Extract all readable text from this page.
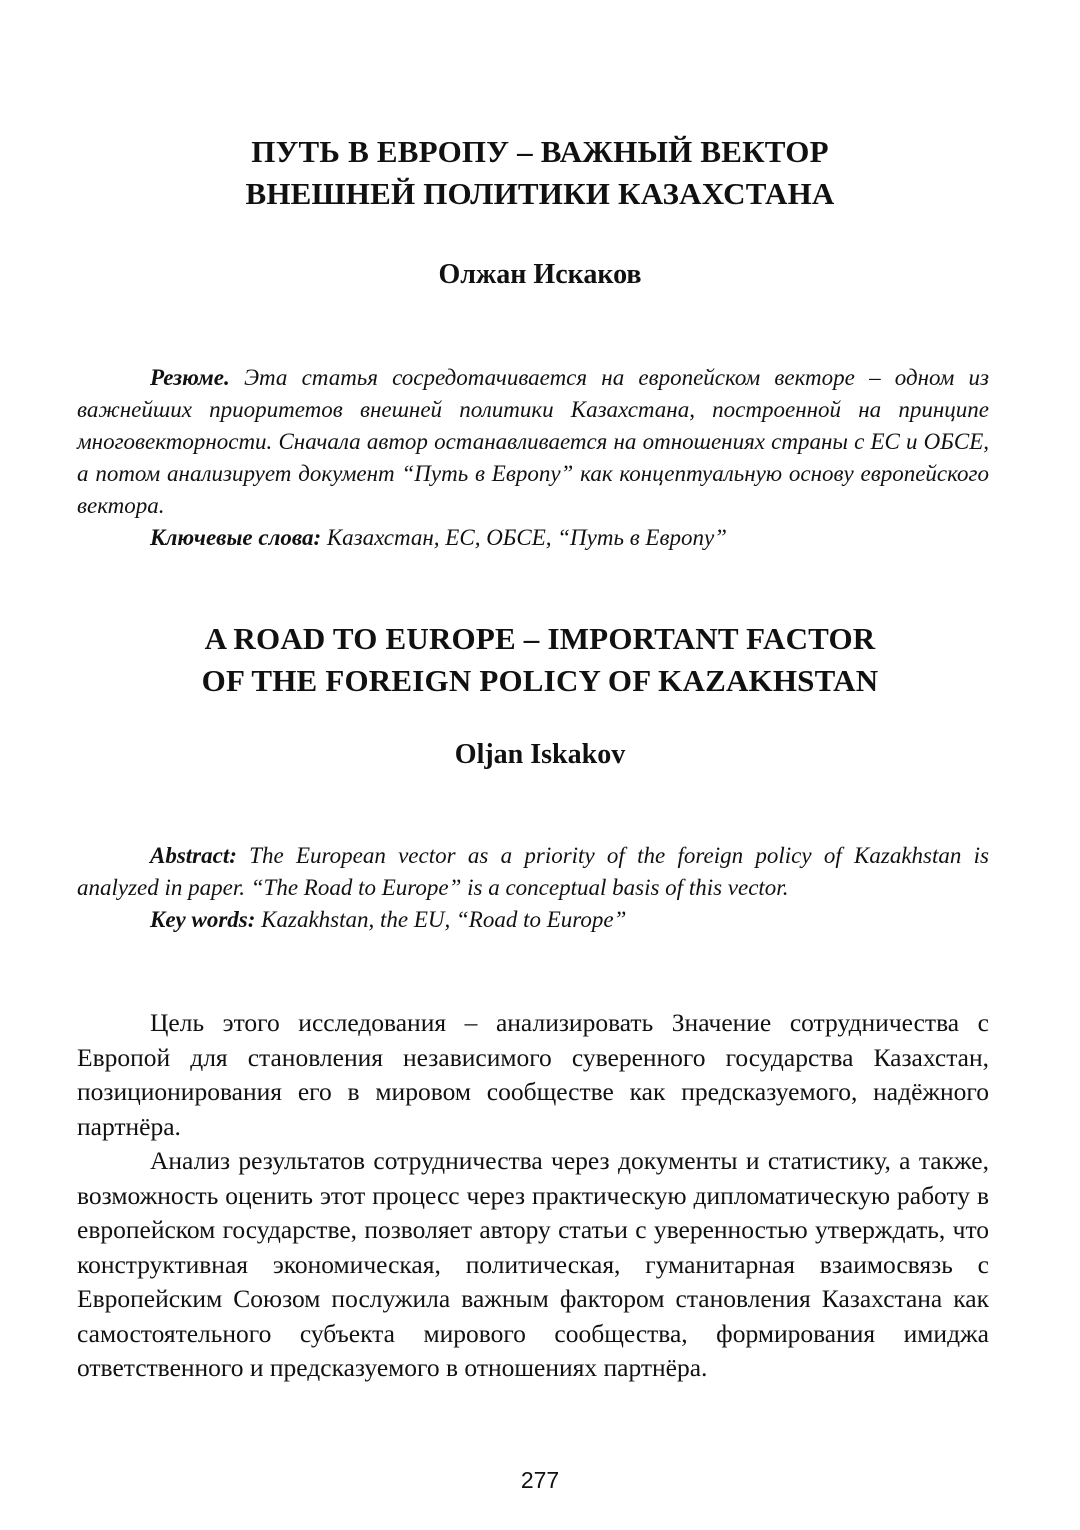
ПУТЬ В ЕВРОПУ – ВАЖНЫЙ ВЕКТОР
ВНЕШНЕЙ ПОЛИТИКИ КАЗАХСТАНА
Олжан Искаков

Резюме. Эта статья сосредотачивается на европейском векторе – одном из важнейших приоритетов внешней политики Казахстана, построенной на принципе многовекторности. Сначала автор останавливается на отношениях страны с ЕС и ОБСЕ, а потом анализирует документ “Путь в Европу” как концептуальную основу европейского вектора.

Ключевые слова: Казахстан, ЕС, ОБСЕ, “Путь в Европу”

A ROAD TO EUROPE – IMPORTANT FACTOR
OF THE FOREIGN POLICY OF KAZAKHSTAN
Oljan Iskakov

Abstract: The European vector as a priority of the foreign policy of Kazakhstan is analyzed in paper. “The Road to Europe” is a conceptual basis of this vector.

Key words: Kazakhstan, the EU, “Road to Europe”

Цель этого исследования – анализировать Значение сотрудничества с Европой для становления независимого суверенного государства Казахстан, позиционирования его в мировом сообществе как предсказуемого, надёжного партнёра.

Анализ результатов сотрудничества через документы и статистику, а также, возможность оценить этот процесс через практическую дипломатическую работу в европейском государстве, позволяет автору статьи с уверенностью утверждать, что конструктивная экономическая, политическая, гуманитарная взаимосвязь с Европейским Союзом послужила важным фактором становления Казахстана как самостоятельного субъекта мирового сообщества, формирования имиджа ответственного и предсказуемого в отношениях партнёра.

277
